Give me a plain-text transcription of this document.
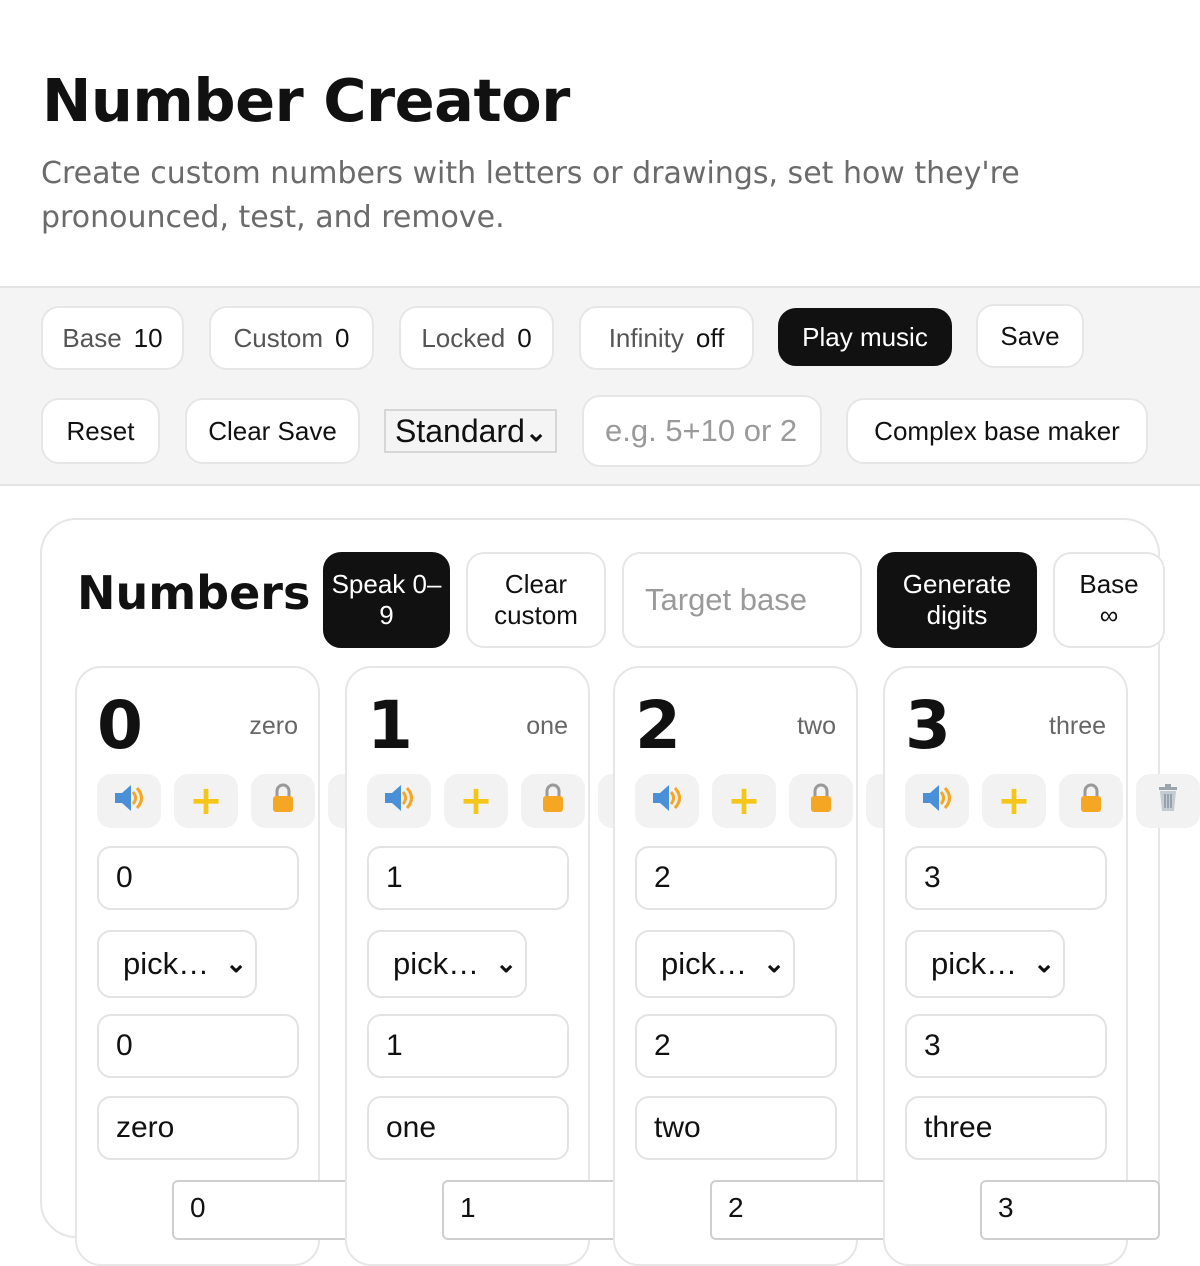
Number Creator

Create custom numbers with letters or drawings, set how they're pronounced, test, and remove.

Base 10	Custom 0	Locked 0	Infinity off	Play music	Save
Reset	Clear Save	Standard ⌄	e.g. 5+10 or 2	Complex base maker
Numbers Speak 0–9
Clear custom	Target base	Generate digits
Base ∞
0	zero
+
0
pick… ⌄
0
zero
0
1	one
+
1
pick… ⌄
1
one
1
2	two
+
2
pick… ⌄
2
two
2
3	three
+
3
pick… ⌄
3
three
3
